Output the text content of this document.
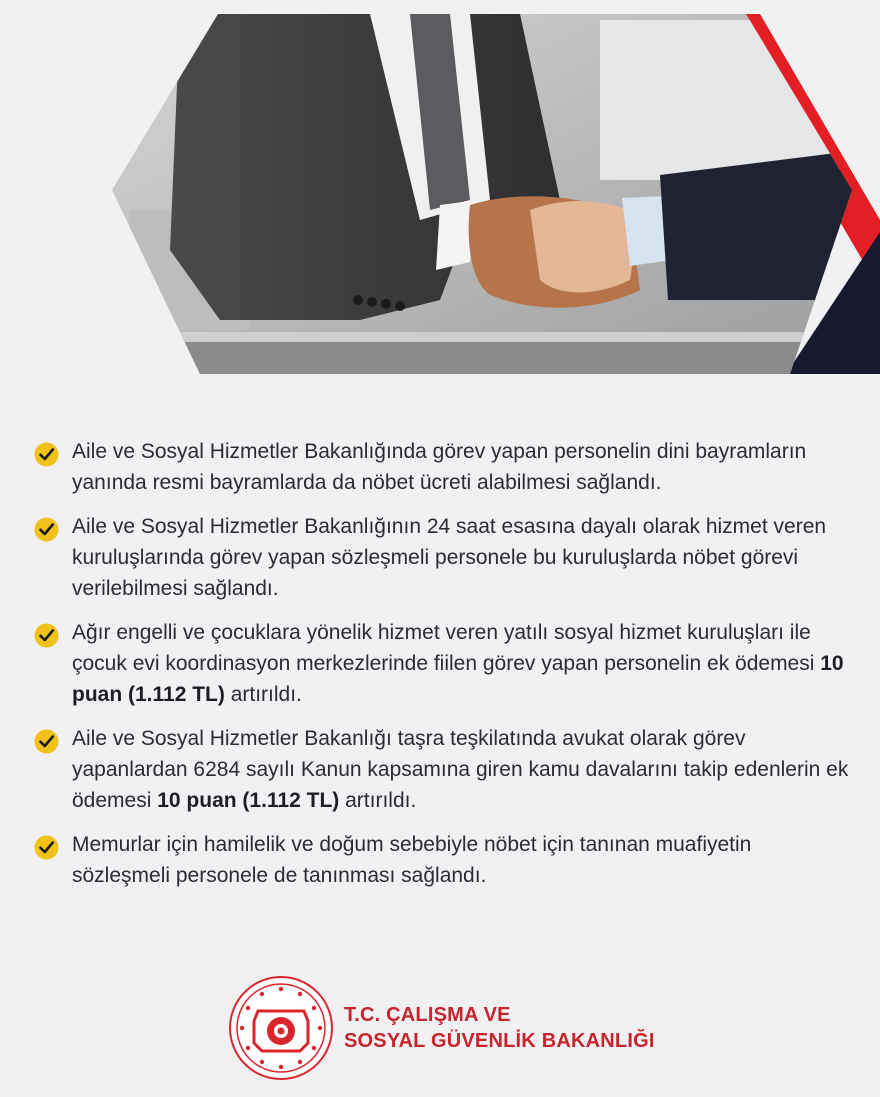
Aile ve Sosyal Hizmetler Bakanlığında görev yapan personelin dini bayramların yanında resmi bayramlarda da nöbet ücreti alabilmesi sağlandı.
Aile ve Sosyal Hizmetler Bakanlığının 24 saat esasına dayalı olarak hizmet veren kuruluşlarında görev yapan sözleşmeli personele bu kuruluşlarda nöbet görevi verilebilmesi sağlandı.
Ağır engelli ve çocuklara yönelik hizmet veren yatılı sosyal hizmet kuruluşları ile çocuk evi koordinasyon merkezlerinde fiilen görev yapan personelin ek ödemesi 10 puan (1.112 TL) artırıldı.
Aile ve Sosyal Hizmetler Bakanlığı taşra teşkilatında avukat olarak görev yapanlardan 6284 sayılı Kanun kapsamına giren kamu davalarını takip edenlerin ek ödemesi 10 puan (1.112 TL) artırıldı.
Memurlar için hamilelik ve doğum sebebiyle nöbet için tanınan muafiyetin sözleşmeli personele de tanınması sağlandı.
T.C. ÇALIŞMA VE
SOSYAL GÜVENLİK BAKANLIĞI
